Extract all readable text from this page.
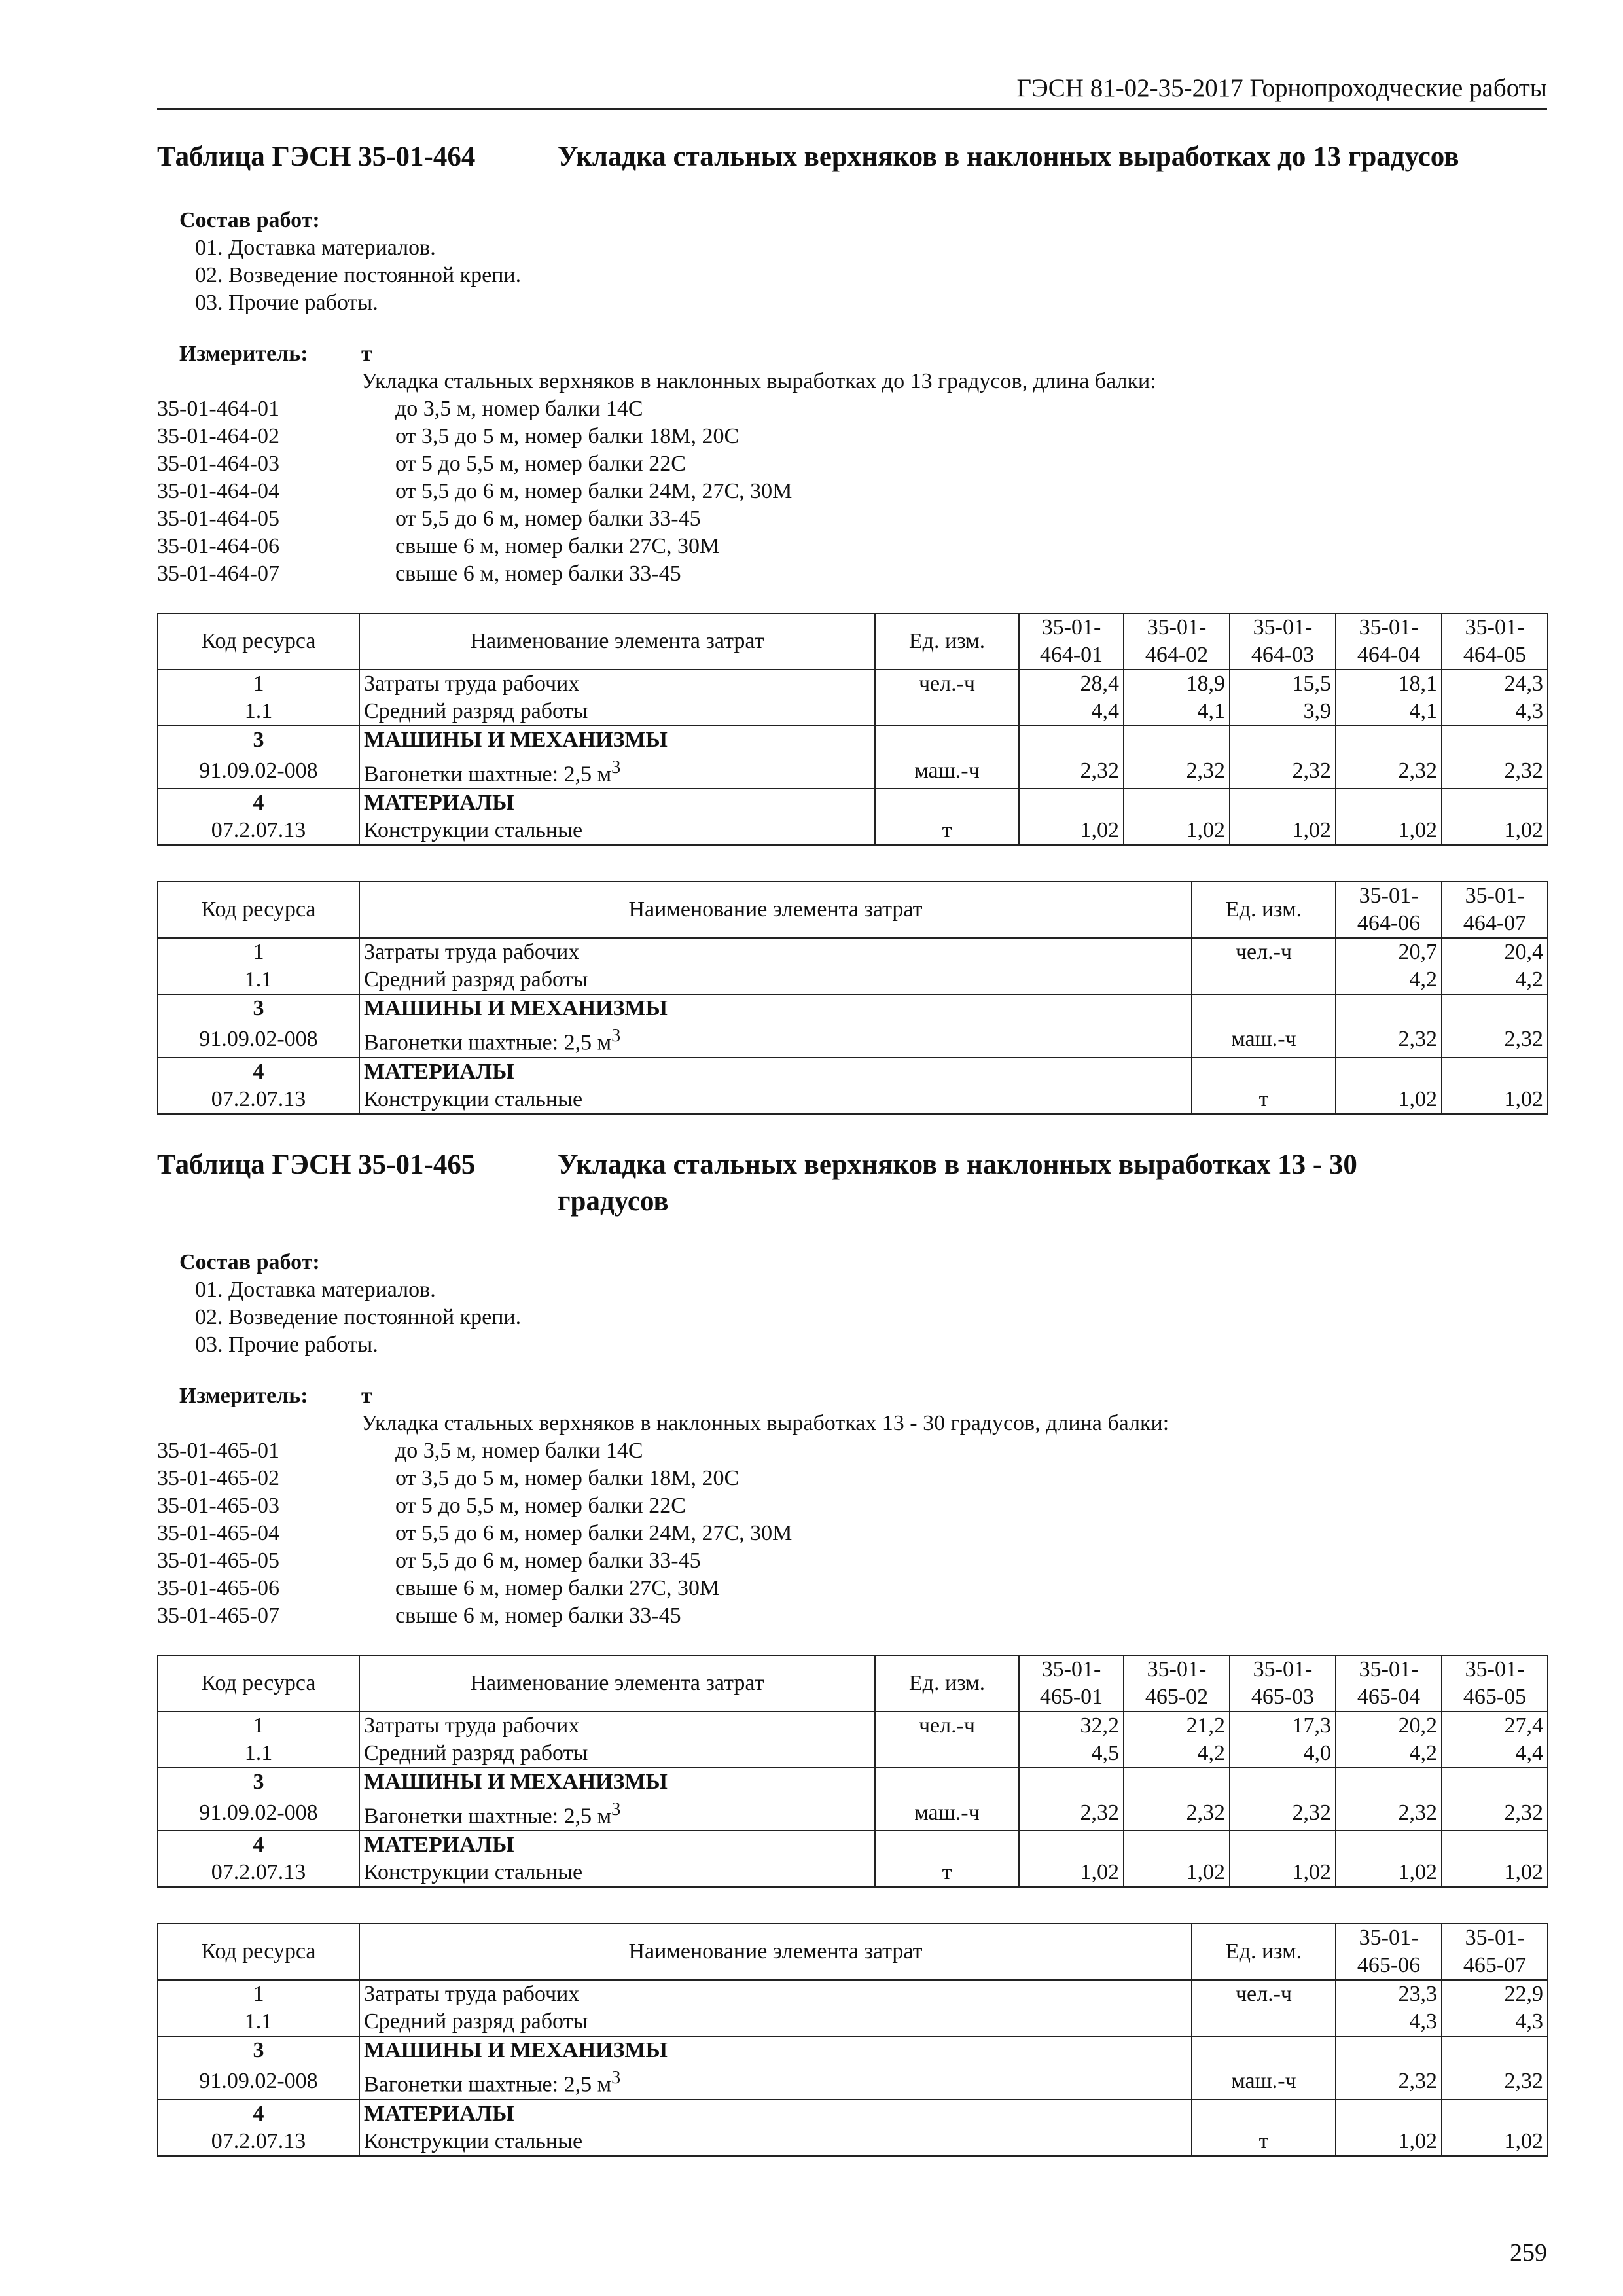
ГЭСН 81-02-35-2017 Горнопроходческие работы
Таблица ГЭСН 35-01-464	Укладка стальных верхняков в наклонных выработках до 13 градусов
Состав работ:
01. Доставка материалов.
02. Возведение постоянной крепи.
03. Прочие работы.
Измеритель:	т
Укладка стальных верхняков в наклонных выработках до 13 градусов, длина балки:
35-01-464-01	до 3,5 м, номер балки 14С
35-01-464-02	от 3,5 до 5 м, номер балки 18М, 20С
35-01-464-03	от 5 до 5,5 м, номер балки 22С
35-01-464-04	от 5,5 до 6 м, номер балки 24М, 27С, 30М
35-01-464-05	от 5,5 до 6 м, номер балки 33-45
35-01-464-06	свыше 6 м, номер балки 27С, 30М
35-01-464-07	свыше 6 м, номер балки 33-45
Код ресурса	Наименование элемента затрат	Ед. изм.	35-01-
464-01	35-01-
464-02	35-01-
464-03	35-01-
464-04	35-01-
464-05
1	Затраты труда рабочих	чел.-ч	28,4	18,9	15,5	18,1	24,3
1.1	Средний разряд работы		4,4	4,1	3,9	4,1	4,3
3	МАШИНЫ И МЕХАНИЗМЫ						
91.09.02-008	Вагонетки шахтные: 2,5 $м^3$	маш.-ч	2,32	2,32	2,32	2,32	2,32
4	МАТЕРИАЛЫ						
07.2.07.13	Конструкции стальные	т	1,02	1,02	1,02	1,02	1,02
Код ресурса	Наименование элемента затрат	Ед. изм.	35-01-
464-06	35-01-
464-07
1	Затраты труда рабочих	чел.-ч	20,7	20,4
1.1	Средний разряд работы		4,2	4,2
3	МАШИНЫ И МЕХАНИЗМЫ			
91.09.02-008	Вагонетки шахтные: 2,5 $м^3$	маш.-ч	2,32	2,32
4	МАТЕРИАЛЫ			
07.2.07.13	Конструкции стальные	т	1,02	1,02
Таблица ГЭСН 35-01-465	Укладка стальных верхняков в наклонных выработках 13 - 30 градусов
Состав работ:
01. Доставка материалов.
02. Возведение постоянной крепи.
03. Прочие работы.
Измеритель:	т
Укладка стальных верхняков в наклонных выработках 13 - 30 градусов, длина балки:
35-01-465-01	до 3,5 м, номер балки 14С
35-01-465-02	от 3,5 до 5 м, номер балки 18М, 20С
35-01-465-03	от 5 до 5,5 м, номер балки 22С
35-01-465-04	от 5,5 до 6 м, номер балки 24М, 27С, 30М
35-01-465-05	от 5,5 до 6 м, номер балки 33-45
35-01-465-06	свыше 6 м, номер балки 27С, 30М
35-01-465-07	свыше 6 м, номер балки 33-45
Код ресурса	Наименование элемента затрат	Ед. изм.	35-01-
465-01	35-01-
465-02	35-01-
465-03	35-01-
465-04	35-01-
465-05
1	Затраты труда рабочих	чел.-ч	32,2	21,2	17,3	20,2	27,4
1.1	Средний разряд работы		4,5	4,2	4,0	4,2	4,4
3	МАШИНЫ И МЕХАНИЗМЫ						
91.09.02-008	Вагонетки шахтные: 2,5 $м^3$	маш.-ч	2,32	2,32	2,32	2,32	2,32
4	МАТЕРИАЛЫ						
07.2.07.13	Конструкции стальные	т	1,02	1,02	1,02	1,02	1,02
Код ресурса	Наименование элемента затрат	Ед. изм.	35-01-
465-06	35-01-
465-07
1	Затраты труда рабочих	чел.-ч	23,3	22,9
1.1	Средний разряд работы		4,3	4,3
3	МАШИНЫ И МЕХАНИЗМЫ			
91.09.02-008	Вагонетки шахтные: 2,5 $м^3$	маш.-ч	2,32	2,32
4	МАТЕРИАЛЫ			
07.2.07.13	Конструкции стальные	т	1,02	1,02
259
